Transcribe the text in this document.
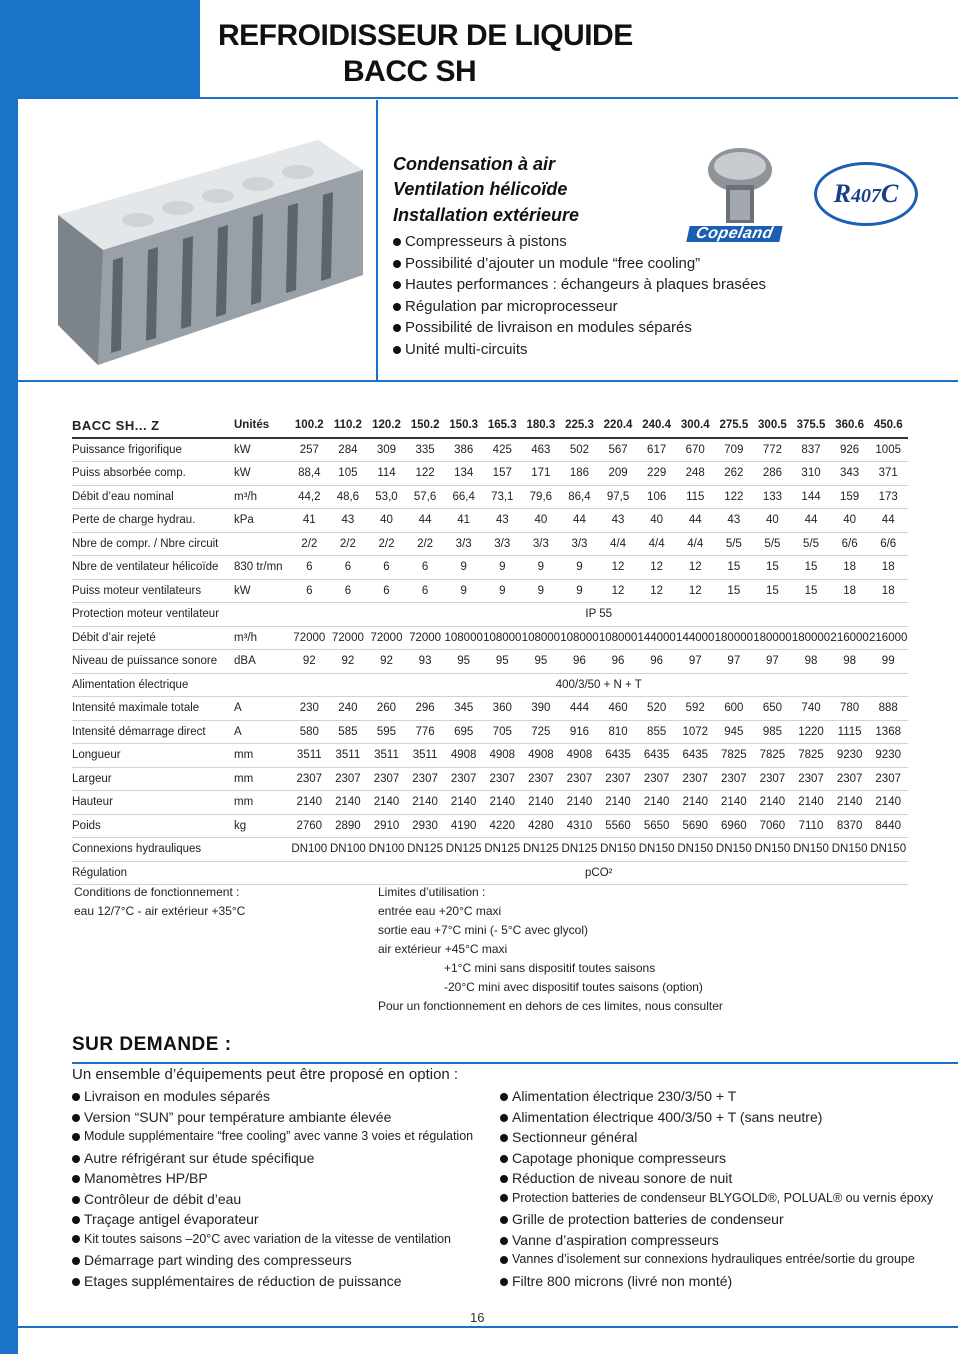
REFROIDISSEUR DE LIQUIDE
BACC SH
Condensation à air
Ventilation hélicoïde
Installation extérieure
Compresseurs à pistons
Possibilité d’ajouter un module “free cooling”
Hautes performances : échangeurs à plaques brasées
Régulation par microprocesseur
Possibilité de livraison en modules séparés
Unité multi-circuits
Copeland
R407C
BACC SH... Z	Unités	100.2	110.2	120.2	150.2	150.3	165.3	180.3	225.3	220.4	240.4	300.4	275.5	300.5	375.5	360.6	450.6
Puissance frigorifique	kW	257	284	309	335	386	425	463	502	567	617	670	709	772	837	926	1005
Puiss absorbée comp.	kW	88,4	105	114	122	134	157	171	186	209	229	248	262	286	310	343	371
Débit d’eau nominal	m³/h	44,2	48,6	53,0	57,6	66,4	73,1	79,6	86,4	97,5	106	115	122	133	144	159	173
Perte de charge hydrau.	kPa	41	43	40	44	41	43	40	44	43	40	44	43	40	44	40	44
Nbre de compr. / Nbre circuit		2/2	2/2	2/2	2/2	3/3	3/3	3/3	3/3	4/4	4/4	4/4	5/5	5/5	5/5	6/6	6/6
Nbre de ventilateur hélicoïde	830 tr/mn	6	6	6	6	9	9	9	9	12	12	12	15	15	15	18	18
Puiss moteur ventilateurs	kW	6	6	6	6	9	9	9	9	12	12	12	15	15	15	18	18
Protection moteur ventilateur		IP 55															
Débit d’air rejeté	m³/h	72000	72000	72000	72000	108000	108000	108000	108000	108000	144000	144000	180000	180000	180000	216000	216000
Niveau de puissance sonore	dBA	92	92	92	93	95	95	95	96	96	96	97	97	97	98	98	99
Alimentation électrique		400/3/50 + N + T															
Intensité maximale totale	A	230	240	260	296	345	360	390	444	460	520	592	600	650	740	780	888
Intensité démarrage direct	A	580	585	595	776	695	705	725	916	810	855	1072	945	985	1220	1115	1368
Longueur	mm	3511	3511	3511	3511	4908	4908	4908	4908	6435	6435	6435	7825	7825	7825	9230	9230
Largeur	mm	2307	2307	2307	2307	2307	2307	2307	2307	2307	2307	2307	2307	2307	2307	2307	2307
Hauteur	mm	2140	2140	2140	2140	2140	2140	2140	2140	2140	2140	2140	2140	2140	2140	2140	2140
Poids	kg	2760	2890	2910	2930	4190	4220	4280	4310	5560	5650	5690	6960	7060	7110	8370	8440
Connexions hydrauliques		DN100	DN100	DN100	DN125	DN125	DN125	DN125	DN125	DN150	DN150	DN150	DN150	DN150	DN150	DN150	DN150
Régulation		pCO²															
Conditions de fonctionnement :
eau 12/7°C - air extérieur +35°C
Limites d’utilisation :
entrée eau +20°C maxi
sortie eau +7°C mini (- 5°C avec glycol)
air extérieur +45°C maxi
+1°C mini sans dispositif toutes saisons
-20°C mini avec dispositif toutes saisons (option)
Pour un fonctionnement en dehors de ces limites, nous consulter
SUR DEMANDE :
Un ensemble d’équipements peut être proposé en option :
Livraison en modules séparés
Version “SUN” pour température ambiante élevée
Module supplémentaire “free cooling” avec vanne 3 voies et régulation
Autre réfrigérant sur étude spécifique
Manomètres HP/BP
Contrôleur de débit d’eau
Traçage antigel évaporateur
Kit toutes saisons –20°C avec variation de la vitesse de ventilation
Démarrage part winding des compresseurs
Etages supplémentaires de réduction de puissance
Alimentation électrique 230/3/50 + T
Alimentation électrique 400/3/50 + T (sans neutre)
Sectionneur général
Capotage phonique compresseurs
Réduction de niveau sonore de nuit
Protection batteries de condenseur BLYGOLD®, POLUAL® ou vernis époxy
Grille de protection batteries de condenseur
Vanne d’aspiration compresseurs
Vannes d’isolement sur connexions hydrauliques entrée/sortie du groupe
Filtre 800 microns (livré non monté)
16
